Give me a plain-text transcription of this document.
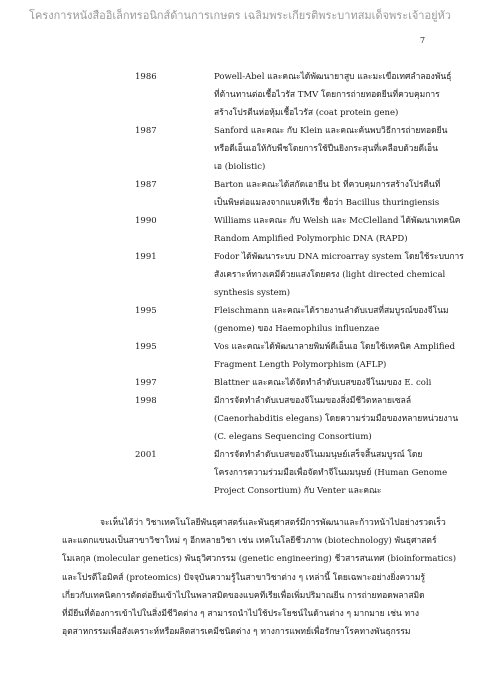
โครงการหนังสืออิเล็กทรอนิกส์ด้านการเกษตร เฉลิมพระเกียรติพระบาทสมเด็จพระเจ้าอยู่หัว
7
1986	Powell-Abel และคณะได้พัฒนายาสูบ และมะเขือเทศลำลองพันธุ์
ที่ต้านทานต่อเชื้อไวรัส TMV โดยการถ่ายทอดยีนที่ควบคุมการ
สร้างโปรตีนห่อหุ้มเชื้อไวรัส (coat protein gene)
1987	Sanford และคณะ กับ Klein และคณะค้นพบวิธีการถ่ายทอดยีน
หรือดีเอ็นเอให้กับพืชโดยการใช้ปืนยิงกระสุนที่เคลือบด้วยดีเอ็น
เอ (biolistic)
1987	Barton และคณะได้สกัดเอายีน bt ที่ควบคุมการสร้างโปรตีนที่
เป็นพิษต่อแมลงจากแบคทีเรีย ชื่อว่า Bacillus thuringiensis
1990	Williams และคณะ กับ Welsh และ McClelland ได้พัฒนาเทคนิค
Random Amplified Polymorphic DNA (RAPD)
1991	Fodor ได้พัฒนาระบบ DNA microarray system โดยใช้ระบบการ
สังเคราะห์ทางเคมีด้วยแสงโดยตรง (light directed chemical
synthesis system)
1995	Fleischmann และคณะได้รายงานลำดับเบสที่สมบูรณ์ของจีโนม
(genome) ของ Haemophilus influenzae
1995	Vos และคณะได้พัฒนาลายพิมพ์ดีเอ็นเอ โดยใช้เทคนิค Amplified
Fragment Length Polymorphism (AFLP)
1997	Blattner และคณะได้จัดทำลำดับเบสของจีโนมของ E. coli
1998	มีการจัดทำลำดับเบสของจีโนมของสิ่งมีชีวิตหลายเซลล์
(Caenorhabditis elegans) โดยความร่วมมือของหลายหน่วยงาน
(C. elegans Sequencing Consortium)
2001	มีการจัดทำลำดับเบสของจีโนมมนุษย์เสร็จสิ้นสมบูรณ์ โดย
โครงการความร่วมมือเพื่อจัดทำจีโนมมนุษย์ (Human Genome
Project Consortium) กับ Venter และคณะ
จะเห็นได้ว่า วิชาเทคโนโลยีพันธุศาสตร์และพันธุศาสตร์มีการพัฒนาและก้าวหน้าไปอย่างรวดเร็ว
และแตกแขนงเป็นสาขาวิชาใหม่ ๆ อีกหลายวิชา เช่น เทคโนโลยีชีวภาพ (biotechnology) พันธุศาสตร์
โมเลกุล (molecular genetics) พันธุวิศวกรรม (genetic engineering) ชีวสารสนเทศ (bioinformatics)
และโปรตีโอมิคส์ (proteomics) ปัจจุบันความรู้ในสาขาวิชาต่าง ๆ เหล่านี้ โดยเฉพาะอย่างยิ่งความรู้
เกี่ยวกับเทคนิคการตัดต่อยีนเข้าไปในพลาสมิดของแบคทีเรียเพื่อเพิ่มปริมาณยีน การถ่ายทอดพลาสมิด
ที่มียีนที่ต้องการเข้าไปในสิ่งมีชีวิตต่าง ๆ สามารถนำไปใช้ประโยชน์ในด้านต่าง ๆ มากมาย เช่น ทาง
อุตสาหกรรมเพื่อสังเคราะห์หรือผลิตสารเคมีชนิดต่าง ๆ ทางการแพทย์เพื่อรักษาโรคทางพันธุกรรม
